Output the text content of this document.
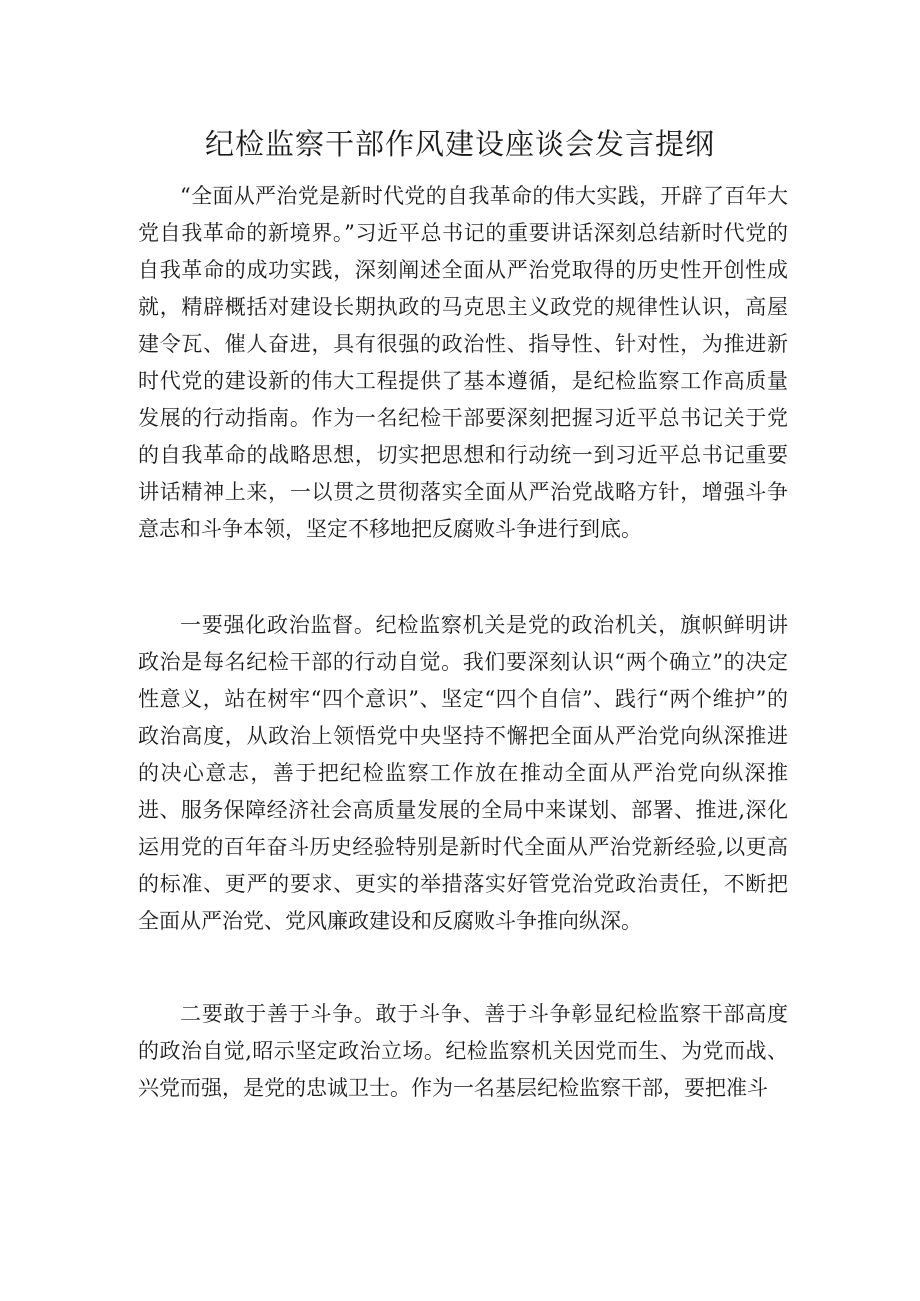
纪检监察干部作风建设座谈会发言提纲

“全面从严治党是新时代党的自我革命的伟大实践，开辟了百年大党自我革命的新境界。”习近平总书记的重要讲话深刻总结新时代党的自我革命的成功实践，深刻阐述全面从严治党取得的历史性开创性成就，精辟概括对建设长期执政的马克思主义政党的规律性认识，高屋建令瓦、催人奋进，具有很强的政治性、指导性、针对性，为推进新时代党的建设新的伟大工程提供了基本遵循，是纪检监察工作高质量发展的行动指南。作为一名纪检干部要深刻把握习近平总书记关于党的自我革命的战略思想，切实把思想和行动统一到习近平总书记重要讲话精神上来，一以贯之贯彻落实全面从严治党战略方针，增强斗争意志和斗争本领，坚定不移地把反腐败斗争进行到底。

一要强化政治监督。纪检监察机关是党的政治机关，旗帜鲜明讲政治是每名纪检干部的行动自觉。我们要深刻认识“两个确立”的决定性意义，站在树牢“四个意识”、坚定“四个自信”、践行“两个维护”的政治高度，从政治上领悟党中央坚持不懈把全面从严治党向纵深推进的决心意志，善于把纪检监察工作放在推动全面从严治党向纵深推进、服务保障经济社会高质量发展的全局中来谋划、部署、推进,深化运用党的百年奋斗历史经验特别是新时代全面从严治党新经验,以更高的标准、更严的要求、更实的举措落实好管党治党政治责任，不断把全面从严治党、党风廉政建设和反腐败斗争推向纵深。

二要敢于善于斗争。敢于斗争、善于斗争彰显纪检监察干部高度的政治自觉,昭示坚定政治立场。纪检监察机关因党而生、为党而战、兴党而强，是党的忠诚卫士。作为一名基层纪检监察干部，要把准斗
